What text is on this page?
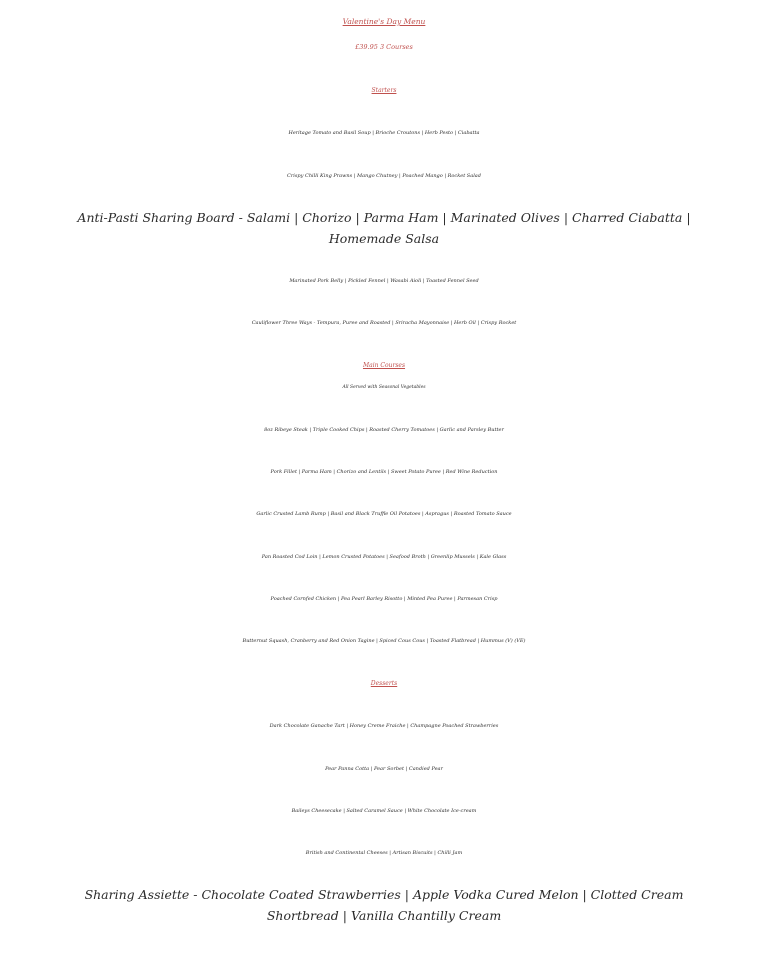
Valentine's Day Menu
£39.95 3 Courses
Starters
Heritage Tomato and Basil Soup | Brioche Croutons | Herb Pesto | Ciabatta
Crispy Chilli King Prawns | Mango Chutney | Poached Mango | Rocket Salad
Anti-Pasti Sharing Board - Salami | Chorizo | Parma Ham | Marinated Olives | Charred Ciabatta | Homemade Salsa
Marinated Pork Belly | Pickled Fennel | Wasabi Aioli | Toasted Fennel Seed
Cauliflower Three Ways - Tempura, Puree and Roasted | Sriracha Mayonnaise | Herb Oil | Crispy Rocket
Main Courses
All Served with Seasonal Vegetables
8oz Ribeye Steak | Triple Cooked Chips | Roasted Cherry Tomatoes | Garlic and Parsley Butter
Pork Fillet | Parma Ham | Chorizo and Lentils | Sweet Potato Puree | Red Wine Reduction
Garlic Crusted Lamb Rump | Basil and Black Truffle Oil Potatoes | Aspragus | Roasted Tomato Sauce
Pan Roasted Cod Loin | Lemon Crusted Potatoes | Seafood Broth | Greenlip Mussels | Kale Glass
Poached Cornfed Chicken | Pea Pearl Barley Risotto | Minted Pea Puree | Parmesan Crisp
Butternut Squash, Cranberry and Red Onion Tagine | Spiced Cous Cous | Toasted Flatbread | Hummus (V) (VE)
Desserts
Dark Chocolate Ganache Tart | Honey Creme Fraiche | Champagne Poached Strawberries
Pear Panna Cotta | Pear Sorbet | Candied Pear
Baileys Cheesecake | Salted Caramel Sauce | White Chocolate Ice-cream
British and Continental Cheeses | Artisan Biscuits | Chilli Jam
Sharing Assiette - Chocolate Coated Strawberries | Apple Vodka Cured Melon | Clotted Cream Shortbread | Vanilla Chantilly Cream
